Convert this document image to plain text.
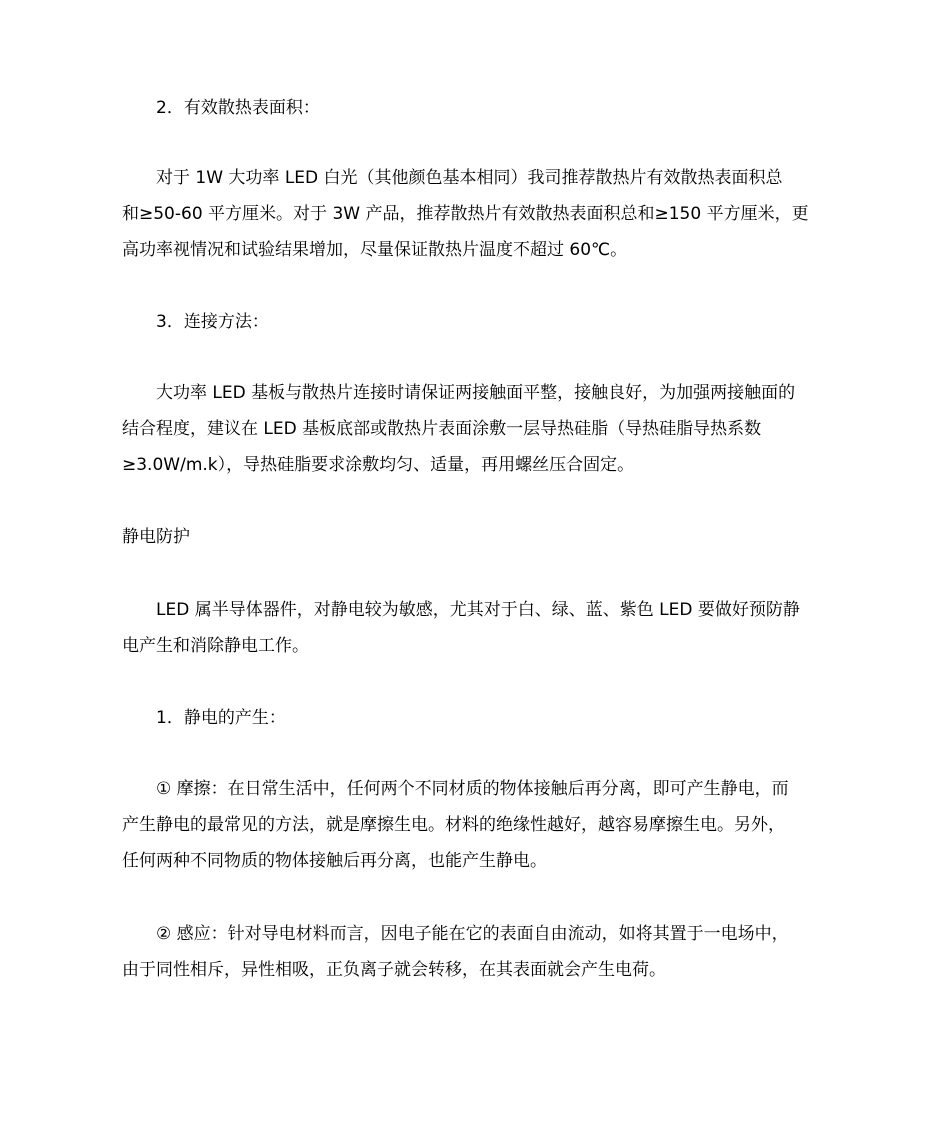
2．有效散热表面积：
对于 1W 大功率 LED 白光（其他颜色基本相同）我司推荐散热片有效散热表面积总
和≥50-60 平方厘米。对于 3W 产品，推荐散热片有效散热表面积总和≥150 平方厘米，更
高功率视情况和试验结果增加，尽量保证散热片温度不超过 60℃。
3．连接方法：
大功率 LED 基板与散热片连接时请保证两接触面平整，接触良好，为加强两接触面的
结合程度，建议在 LED 基板底部或散热片表面涂敷一层导热硅脂（导热硅脂导热系数
≥3.0W/m.k），导热硅脂要求涂敷均匀、适量，再用螺丝压合固定。
静电防护
LED 属半导体器件，对静电较为敏感，尤其对于白、绿、蓝、紫色 LED 要做好预防静
电产生和消除静电工作。
1．静电的产生：
① 摩擦：在日常生活中，任何两个不同材质的物体接触后再分离，即可产生静电，而
产生静电的最常见的方法，就是摩擦生电。材料的绝缘性越好，越容易摩擦生电。另外，
任何两种不同物质的物体接触后再分离，也能产生静电。
② 感应：针对导电材料而言，因电子能在它的表面自由流动，如将其置于一电场中，
由于同性相斥，异性相吸，正负离子就会转移，在其表面就会产生电荷。
